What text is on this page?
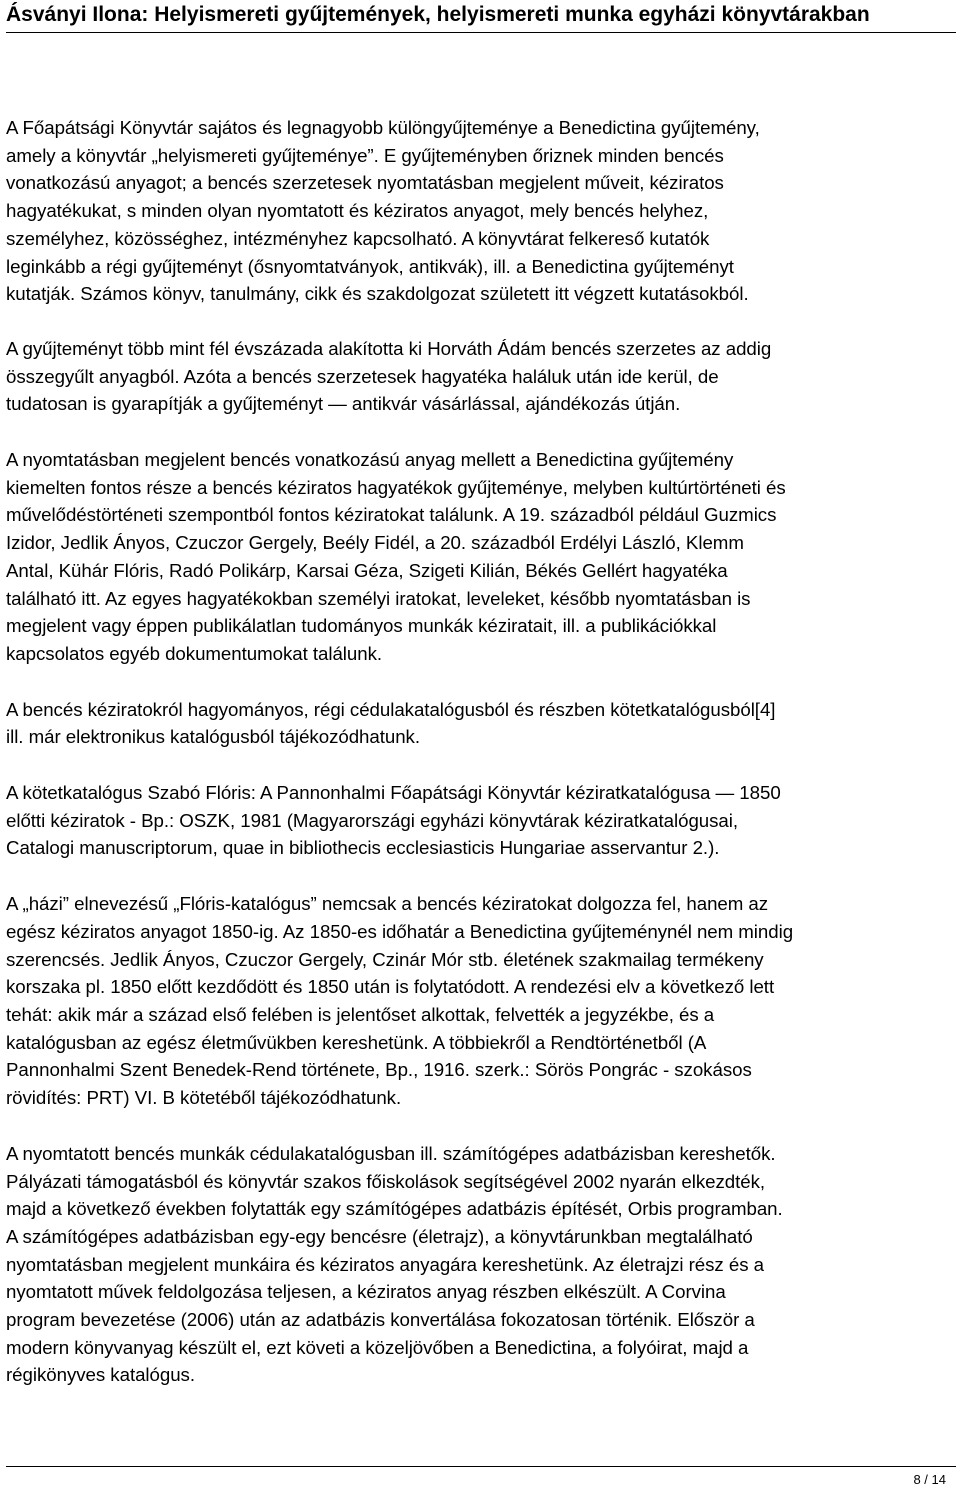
Ásványi Ilona: Helyismereti gyűjtemények, helyismereti munka egyházi könyvtárakban

A Főapátsági Könyvtár sajátos és legnagyobb különgyűjteménye a Benedictina gyűjtemény,
amely a könyvtár „helyismereti gyűjteménye”. E gyűjteményben őriznek minden bencés
vonatkozású anyagot; a bencés szerzetesek nyomtatásban megjelent műveit, kéziratos
hagyatékukat, s minden olyan nyomtatott és kéziratos anyagot, mely bencés helyhez,
személyhez, közösséghez, intézményhez kapcsolható. A könyvtárat felkereső kutatók
leginkább a régi gyűjteményt (ősnyomtatványok, antikvák), ill. a Benedictina gyűjteményt
kutatják. Számos könyv, tanulmány, cikk és szakdolgozat született itt végzett kutatásokból.

A gyűjteményt több mint fél évszázada alakította ki Horváth Ádám bencés szerzetes az addig
összegyűlt anyagból. Azóta a bencés szerzetesek hagyatéka haláluk után ide kerül, de
tudatosan is gyarapítják a gyűjteményt — antikvár vásárlással, ajándékozás útján.

A nyomtatásban megjelent bencés vonatkozású anyag mellett a Benedictina gyűjtemény
kiemelten fontos része a bencés kéziratos hagyatékok gyűjteménye, melyben kultúrtörténeti és
művelődéstörténeti szempontból fontos kéziratokat találunk. A 19. századból például Guzmics
Izidor, Jedlik Ányos, Czuczor Gergely, Beély Fidél, a 20. századból Erdélyi László, Klemm
Antal, Kühár Flóris, Radó Polikárp, Karsai Géza, Szigeti Kilián, Békés Gellért hagyatéka
található itt. Az egyes hagyatékokban személyi iratokat, leveleket, később nyomtatásban is
megjelent vagy éppen publikálatlan tudományos munkák kéziratait, ill. a publikációkkal
kapcsolatos egyéb dokumentumokat találunk.

A bencés kéziratokról hagyományos, régi cédulakatalógusból és részben kötetkatalógusból[4]
ill. már elektronikus katalógusból tájékozódhatunk.

A kötetkatalógus Szabó Flóris: A Pannonhalmi Főapátsági Könyvtár kéziratkatalógusa — 1850
előtti kéziratok - Bp.: OSZK, 1981 (Magyarországi egyházi könyvtárak kéziratkatalógusai,
Catalogi manuscriptorum, quae in bibliothecis ecclesiasticis Hungariae asservantur 2.).

A „házi” elnevezésű „Flóris-katalógus” nemcsak a bencés kéziratokat dolgozza fel, hanem az
egész kéziratos anyagot 1850-ig. Az 1850-es időhatár a Benedictina gyűjteménynél nem mindig
szerencsés. Jedlik Ányos, Czuczor Gergely, Czinár Mór stb. életének szakmailag termékeny
korszaka pl. 1850 előtt kezdődött és 1850 után is folytatódott. A rendezési elv a következő lett
tehát: akik már a század első felében is jelentőset alkottak, felvették a jegyzékbe, és a
katalógusban az egész életművükben kereshetünk. A többiekről a Rendtörténetből (A
Pannonhalmi Szent Benedek-Rend története, Bp., 1916. szerk.: Sörös Pongrác - szokásos
rövidítés: PRT) VI. B kötetéből tájékozódhatunk.

A nyomtatott bencés munkák cédulakatalógusban ill. számítógépes adatbázisban kereshetők.
Pályázati támogatásból és könyvtár szakos főiskolások segítségével 2002 nyarán elkezdték,
majd a következő években folytatták egy számítógépes adatbázis építését, Orbis programban.
A számítógépes adatbázisban egy-egy bencésre (életrajz), a könyvtárunkban megtalálható
nyomtatásban megjelent munkáira és kéziratos anyagára kereshetünk. Az életrajzi rész és a
nyomtatott művek feldolgozása teljesen, a kéziratos anyag részben elkészült. A Corvina
program bevezetése (2006) után az adatbázis konvertálása fokozatosan történik. Először a
modern könyvanyag készült el, ezt követi a közeljövőben a Benedictina, a folyóirat, majd a
régikönyves katalógus.

8 / 14
